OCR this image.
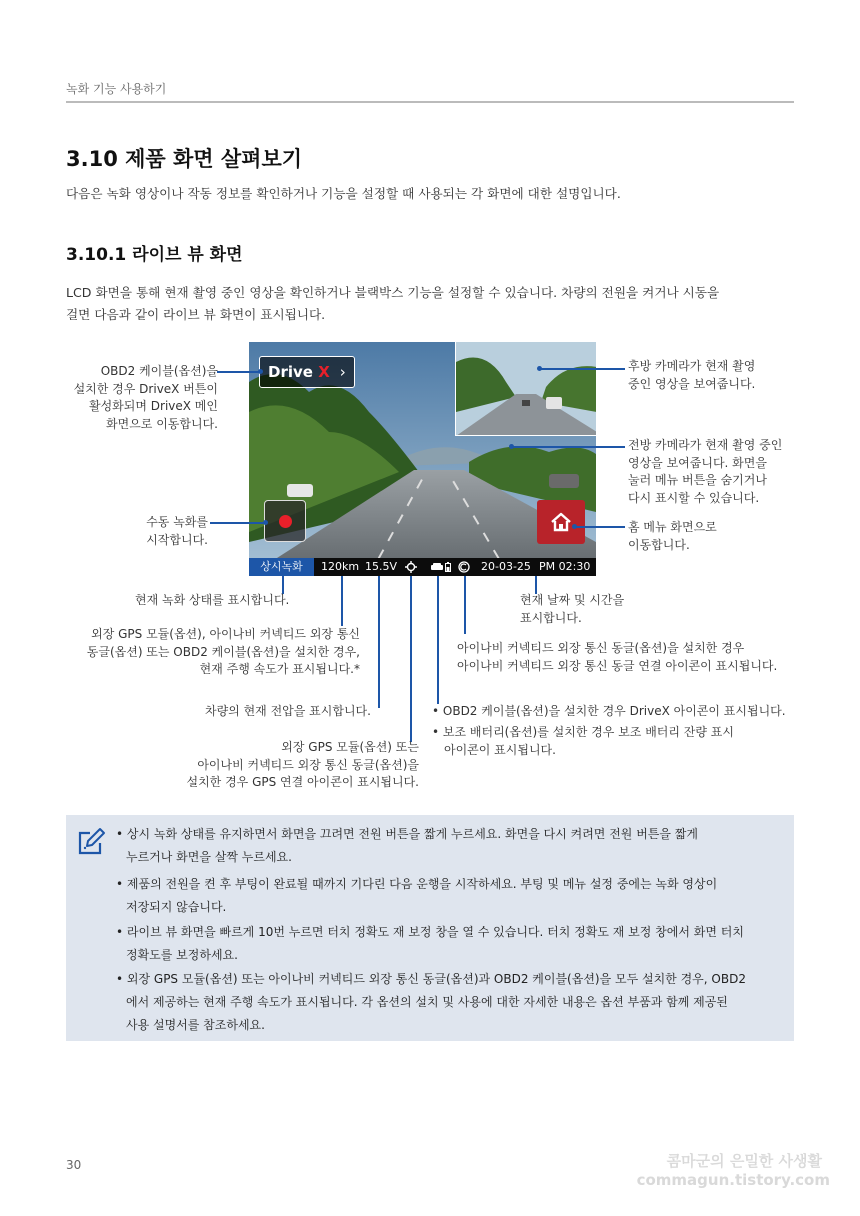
녹화 기능 사용하기
3.10 제품 화면 살펴보기
다음은 녹화 영상이나 작동 정보를 확인하거나 기능을 설정할 때 사용되는 각 화면에 대한 설명입니다.
3.10.1 라이브 뷰 화면
LCD 화면을 통해 현재 촬영 중인 영상을 확인하거나 블랙박스 기능을 설정할 수 있습니다. 차량의 전원을 켜거나 시동을
걸면 다음과 같이 라이브 뷰 화면이 표시됩니다.
Drive X ›
상시녹화	120km 15.5V	20-03-25 PM 02:30
OBD2 케이블(옵션)을
설치한 경우 DriveX 버튼이
활성화되며 DriveX 메인
화면으로 이동합니다.
후방 카메라가 현재 촬영
중인 영상을 보여줍니다.
전방 카메라가 현재 촬영 중인
영상을 보여줍니다. 화면을
눌러 메뉴 버튼을 숨기거나
다시 표시할 수 있습니다.
수동 녹화를
시작합니다.
홈 메뉴 화면으로
이동합니다.
현재 녹화 상태를 표시합니다.	현재 날짜 및 시간을
표시합니다.
외장 GPS 모듈(옵션), 아이나비 커넥티드 외장 통신
동글(옵션) 또는 OBD2 케이블(옵션)을 설치한 경우,
현재 주행 속도가 표시됩니다.*
아이나비 커넥티드 외장 통신 동글(옵션)을 설치한 경우
아이나비 커넥티드 외장 통신 동글 연결 아이콘이 표시됩니다.
차량의 현재 전압을 표시합니다.	• OBD2 케이블(옵션)을 설치한 경우 DriveX 아이콘이 표시됩니다.
• 보조 배터리(옵션)를 설치한 경우 보조 배터리 잔량 표시
아이콘이 표시됩니다.
외장 GPS 모듈(옵션) 또는
아이나비 커넥티드 외장 통신 동글(옵션)을
설치한 경우 GPS 연결 아이콘이 표시됩니다.
• 상시 녹화 상태를 유지하면서 화면을 끄려면 전원 버튼을 짧게 누르세요. 화면을 다시 켜려면 전원 버튼을 짧게
누르거나 화면을 살짝 누르세요.
• 제품의 전원을 켠 후 부팅이 완료될 때까지 기다린 다음 운행을 시작하세요. 부팅 및 메뉴 설정 중에는 녹화 영상이
저장되지 않습니다.
• 라이브 뷰 화면을 빠르게 10번 누르면 터치 정확도 재 보정 창을 열 수 있습니다. 터치 정확도 재 보정 창에서 화면 터치
정확도를 보정하세요.
• 외장 GPS 모듈(옵션) 또는 아이나비 커넥티드 외장 통신 동글(옵션)과 OBD2 케이블(옵션)을 모두 설치한 경우, OBD2
에서 제공하는 현재 주행 속도가 표시됩니다. 각 옵션의 설치 및 사용에 대한 자세한 내용은 옵션 부품과 함께 제공된
사용 설명서를 참조하세요.
30	콤마군의 은밀한 사생활
commagun.tistory.com
